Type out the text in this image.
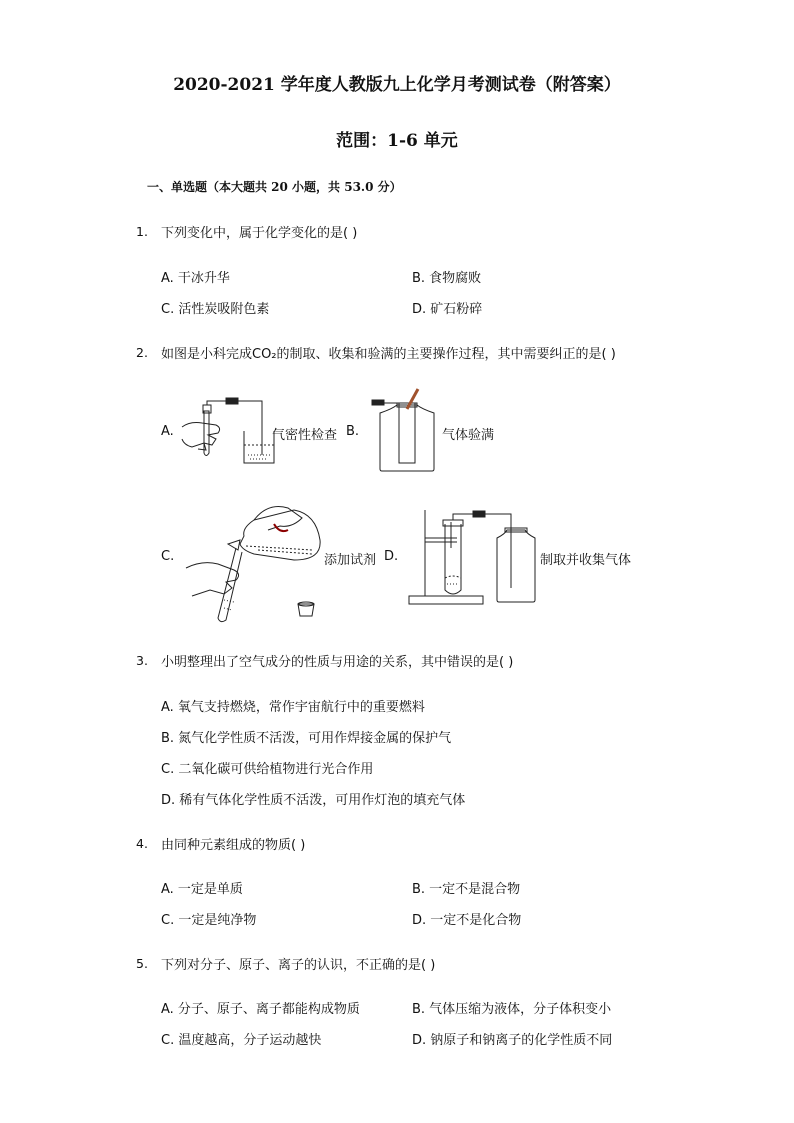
2020-2021 学年度人教版九上化学月考测试卷（附答案）
范围：1-6 单元
一、单选题（本大题共 20 小题，共 53.0 分）
1. 下列变化中，属于化学变化的是( )
A. 干冰升华	B. 食物腐败
C. 活性炭吸附色素	D. 矿石粉碎
2. 如图是小科完成CO₂的制取、收集和验满的主要操作过程，其中需要纠正的是( )
A.	气密性检查 B.	气体验满
C.	添加试剂 D.	制取并收集气体
3. 小明整理出了空气成分的性质与用途的关系，其中错误的是( )
A. 氧气支持燃烧，常作宇宙航行中的重要燃料
B. 氮气化学性质不活泼，可用作焊接金属的保护气
C. 二氧化碳可供给植物进行光合作用
D. 稀有气体化学性质不活泼，可用作灯泡的填充气体
4. 由同种元素组成的物质( )
A. 一定是单质	B. 一定不是混合物
C. 一定是纯净物	D. 一定不是化合物
5. 下列对分子、原子、离子的认识，不正确的是( )
A. 分子、原子、离子都能构成物质	B. 气体压缩为液体，分子体积变小
C. 温度越高，分子运动越快	D. 钠原子和钠离子的化学性质不同
